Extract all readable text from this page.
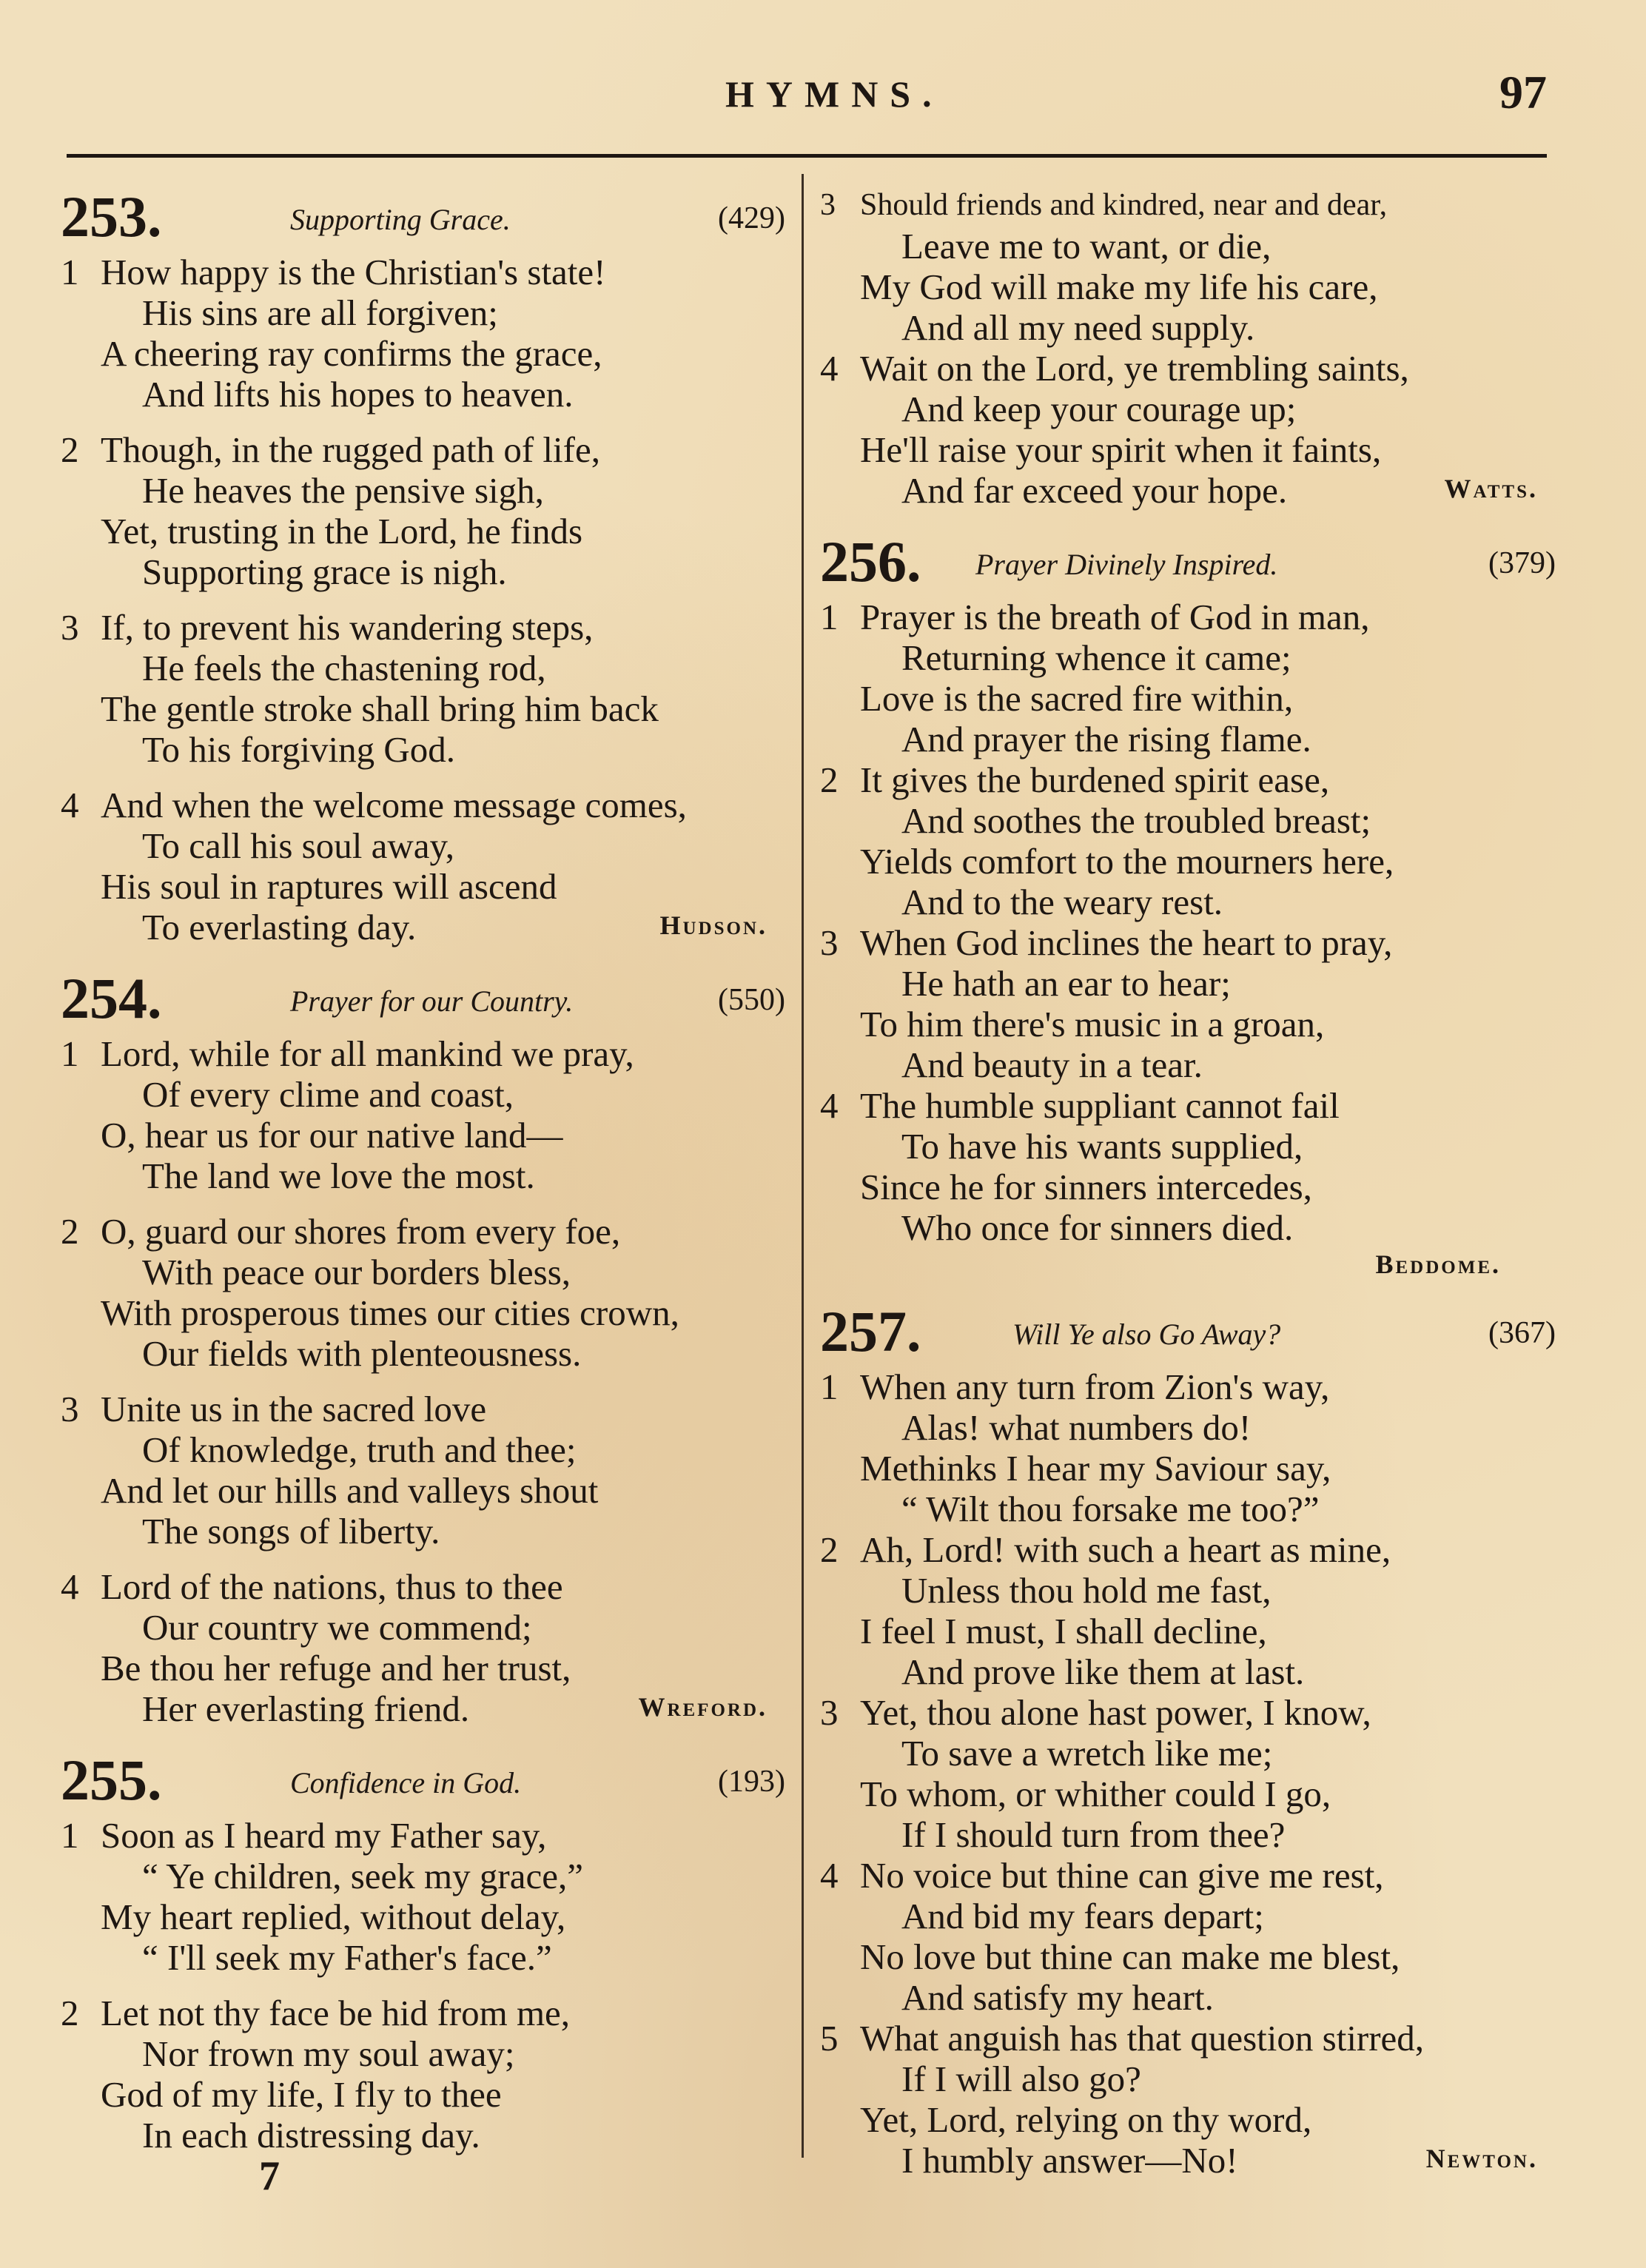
HYMNS.	97
253.	Supporting Grace.	(429)
1 How happy is the Christian's state!
His sins are all forgiven;
A cheering ray confirms the grace,
And lifts his hopes to heaven.
2 Though, in the rugged path of life,
He heaves the pensive sigh,
Yet, trusting in the Lord, he finds
Supporting grace is nigh.
3 If, to prevent his wandering steps,
He feels the chastening rod,
The gentle stroke shall bring him back
To his forgiving God.
4 And when the welcome message comes,
To call his soul away,
His soul in raptures will ascend
To everlasting day.	Hudson.
254.	Prayer for our Country.	(550)
1 Lord, while for all mankind we pray,
Of every clime and coast,
O, hear us for our native land—
The land we love the most.
2 O, guard our shores from every foe,
With peace our borders bless,
With prosperous times our cities crown,
Our fields with plenteousness.
3 Unite us in the sacred love
Of knowledge, truth and thee;
And let our hills and valleys shout
The songs of liberty.
4 Lord of the nations, thus to thee
Our country we commend;
Be thou her refuge and her trust,
Her everlasting friend.	Wreford.
255.	Confidence in God.	(193)
1 Soon as I heard my Father say,
“ Ye children, seek my grace,”
My heart replied, without delay,
“ I'll seek my Father's face.”
2 Let not thy face be hid from me,
Nor frown my soul away;
God of my life, I fly to thee
In each distressing day.
3 Should friends and kindred, near and dear,
Leave me to want, or die,
My God will make my life his care,
And all my need supply.
4 Wait on the Lord, ye trembling saints,
And keep your courage up;
He'll raise your spirit when it faints,
And far exceed your hope.	Watts.
256. Prayer Divinely Inspired.	(379)
1 Prayer is the breath of God in man,
Returning whence it came;
Love is the sacred fire within,
And prayer the rising flame.
2 It gives the burdened spirit ease,
And soothes the troubled breast;
Yields comfort to the mourners here,
And to the weary rest.
3 When God inclines the heart to pray,
He hath an ear to hear;
To him there's music in a groan,
And beauty in a tear.
4 The humble suppliant cannot fail
To have his wants supplied,
Since he for sinners intercedes,
Who once for sinners died.
Beddome.
257.	Will Ye also Go Away?	(367)
1 When any turn from Zion's way,
Alas! what numbers do!
Methinks I hear my Saviour say,
“ Wilt thou forsake me too?”
2 Ah, Lord! with such a heart as mine,
Unless thou hold me fast,
I feel I must, I shall decline,
And prove like them at last.
3 Yet, thou alone hast power, I know,
To save a wretch like me;
To whom, or whither could I go,
If I should turn from thee?
4 No voice but thine can give me rest,
And bid my fears depart;
No love but thine can make me blest,
And satisfy my heart.
5 What anguish has that question stirred,
If I will also go?
Yet, Lord, relying on thy word,
I humbly answer—No!	Newton.
7
